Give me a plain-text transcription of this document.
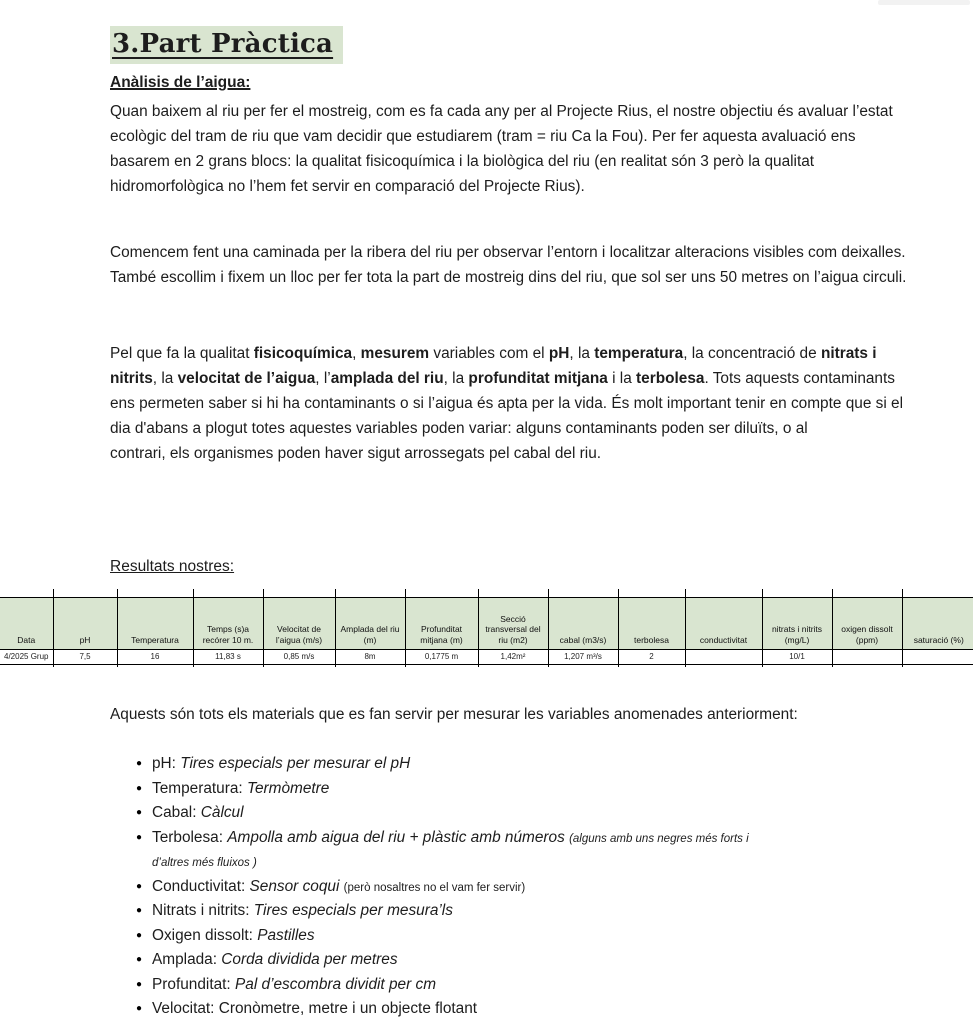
3.Part Pràctica
Anàlisis de l’aigua:

Quan baixem al riu per fer el mostreig, com es fa cada any per al Projecte Rius, el nostre objectiu és avaluar l’estat ecològic del tram de riu que vam decidir que estudiarem (tram = riu Ca la Fou). Per fer aquesta avaluació ens basarem en 2 grans blocs: la qualitat fisicoquímica i la biològica del riu (en realitat són 3 però la qualitat hidromorfològica no l’hem fet servir en comparació del Projecte Rius).

Comencem fent una caminada per la ribera del riu per observar l’entorn i localitzar alteracions visibles com deixalles. També escollim i fixem un lloc per fer tota la part de mostreig dins del riu, que sol ser uns 50 metres on l’aigua circuli.

Pel que fa la qualitat fisicoquímica, mesurem variables com el pH, la temperatura, la concentració de nitrats i nitrits, la velocitat de l’aigua, l’amplada del riu, la profunditat mitjana i la terbolesa. Tots aquests contaminants ens permeten saber si hi ha contaminants o si l’aigua és apta per la vida. És molt important tenir en compte que si el dia d'abans a plogut totes aquestes variables poden variar: alguns contaminants poden ser diluïts, o al
contrari, els organismes poden haver sigut arrossegats pel cabal del riu.

Resultats nostres:

Aquests són tots els materials que es fan servir per mesurar les variables anomenades anteriorment:

Data	pH	Temperatura	Temps (s)a recórer 10 m.	Velocitat de l’aigua (m/s)	Amplada del riu (m)	Profunditat mitjana (m)	Secció transversal del riu (m2)	cabal (m3/s)	terbolesa	conductivitat	nitrats i nitrits (mg/L)	oxigen dissolt (ppm)	saturació (%)
4/2025 Grup	7,5	16	11,83 s	0,85 m/s	8m	0,1775 m	1,42m²	1,207 m³/s	2		10/1		
● pH: Tires especials per mesurar el pH
● Temperatura: Termòmetre
● Cabal: Càlcul
● Terbolesa: Ampolla amb aigua del riu + plàstic amb números (alguns amb uns negres més forts i
d’altres més fluixos )
● Conductivitat: Sensor coqui (però nosaltres no el vam fer servir)
● Nitrats i nitrits: Tires especials per mesura’ls
● Oxigen dissolt: Pastilles
● Amplada: Corda dividida per metres
● Profunditat: Pal d’escombra dividit per cm
● Velocitat: Cronòmetre, metre i un objecte flotant
